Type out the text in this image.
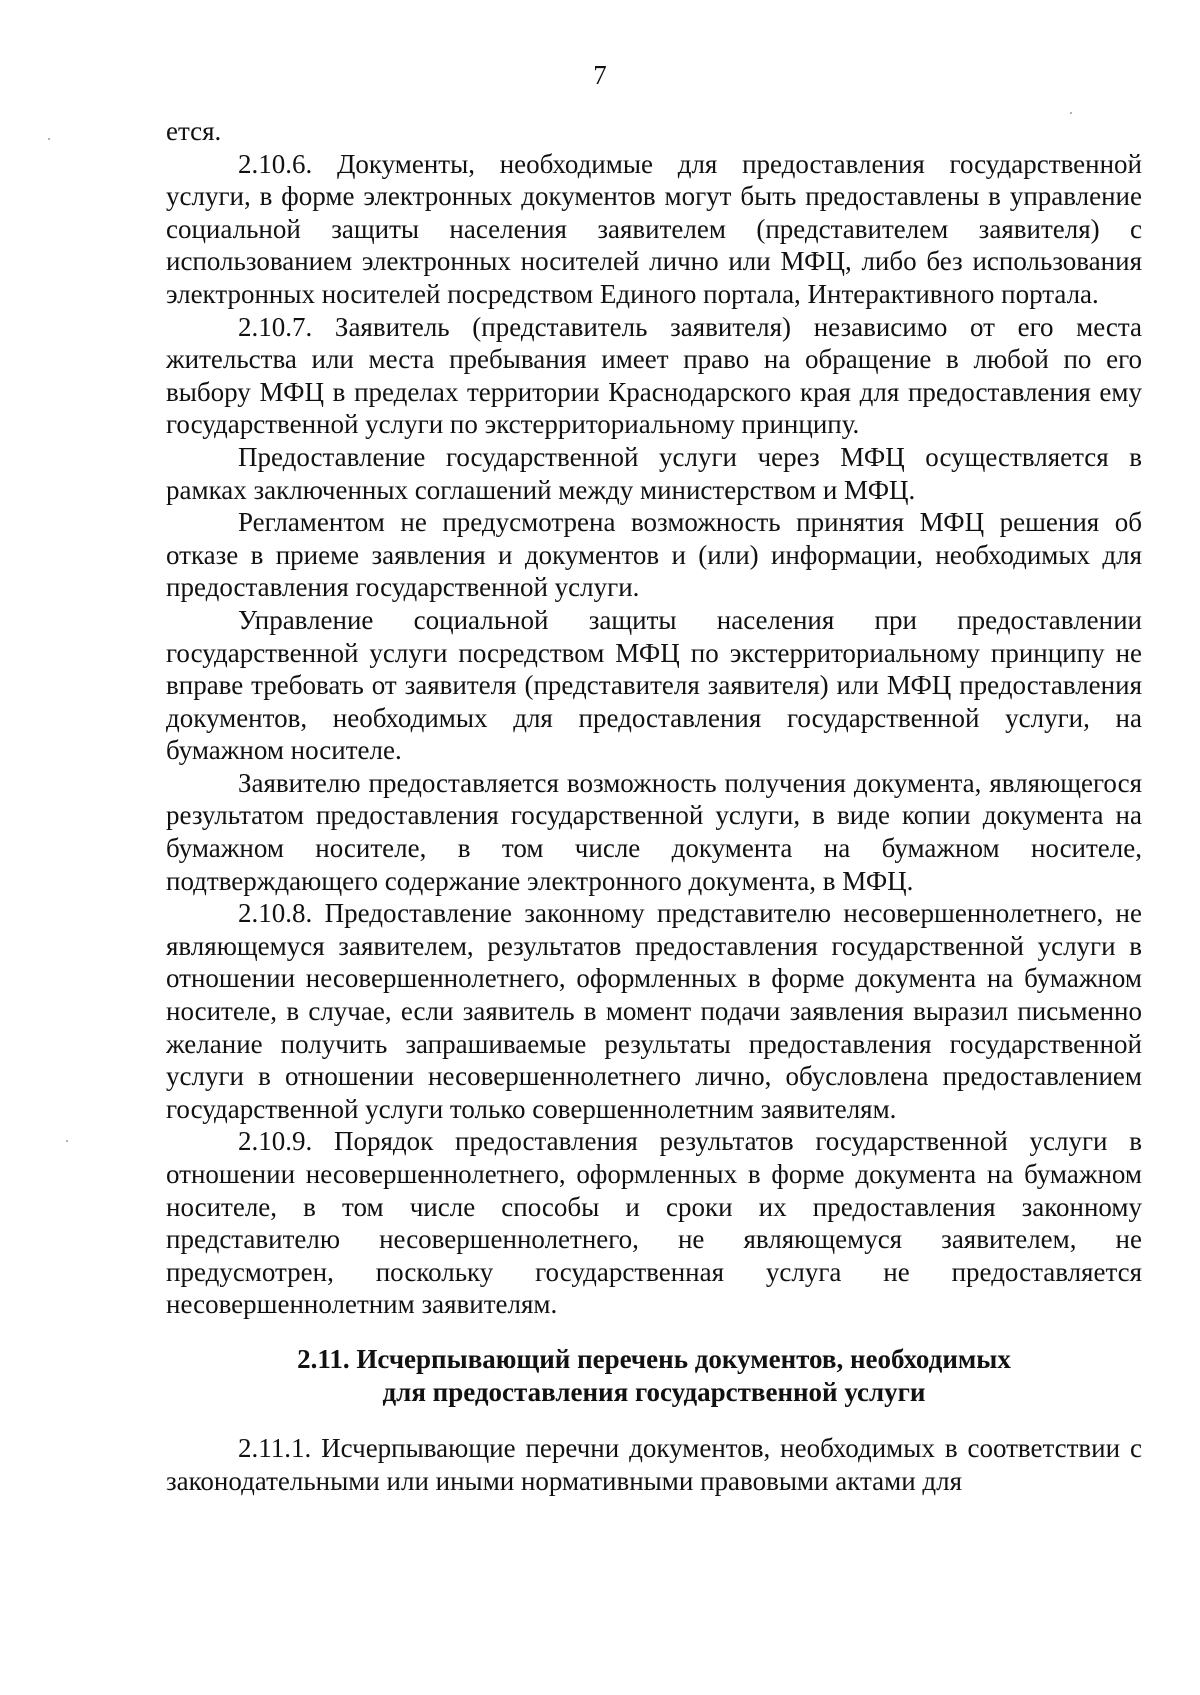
7

ется.

2.10.6. Документы, необходимые для предоставления государственной услуги, в форме электронных документов могут быть предоставлены в управление социальной защиты населения заявителем (представителем заявителя) с использованием электронных носителей лично или МФЦ, либо без использования электронных носителей посредством Единого портала, Интерактивного портала.

2.10.7. Заявитель (представитель заявителя) независимо от его места жительства или места пребывания имеет право на обращение в любой по его выбору МФЦ в пределах территории Краснодарского края для предоставления ему государственной услуги по экстерриториальному принципу.

Предоставление государственной услуги через МФЦ осуществляется в рамках заключенных соглашений между министерством и МФЦ.

Регламентом не предусмотрена возможность принятия МФЦ решения об отказе в приеме заявления и документов и (или) информации, необходимых для предоставления государственной услуги.

Управление социальной защиты населения при предоставлении государственной услуги посредством МФЦ по экстерриториальному принципу не вправе требовать от заявителя (представителя заявителя) или МФЦ предоставления документов, необходимых для предоставления государственной услуги, на бумажном носителе.

Заявителю предоставляется возможность получения документа, являющегося результатом предоставления государственной услуги, в виде копии документа на бумажном носителе, в том числе документа на бумажном носителе, подтверждающего содержание электронного документа, в МФЦ.

2.10.8. Предоставление законному представителю несовершеннолетнего, не являющемуся заявителем, результатов предоставления государственной услуги в отношении несовершеннолетнего, оформленных в форме документа на бумажном носителе, в случае, если заявитель в момент подачи заявления выразил письменно желание получить запрашиваемые результаты предоставления государственной услуги в отношении несовершеннолетнего лично, обусловлена предоставлением государственной услуги только совершеннолетним заявителям.

2.10.9. Порядок предоставления результатов государственной услуги в отношении несовершеннолетнего, оформленных в форме документа на бумажном носителе, в том числе способы и сроки их предоставления законному представителю несовершеннолетнего, не являющемуся заявителем, не предусмотрен, поскольку государственная услуга не предоставляется несовершеннолетним заявителям.

2.11. Исчерпывающий перечень документов, необходимых
для предоставления государственной услуги

2.11.1. Исчерпывающие перечни документов, необходимых в соответствии с законодательными или иными нормативными правовыми актами для
